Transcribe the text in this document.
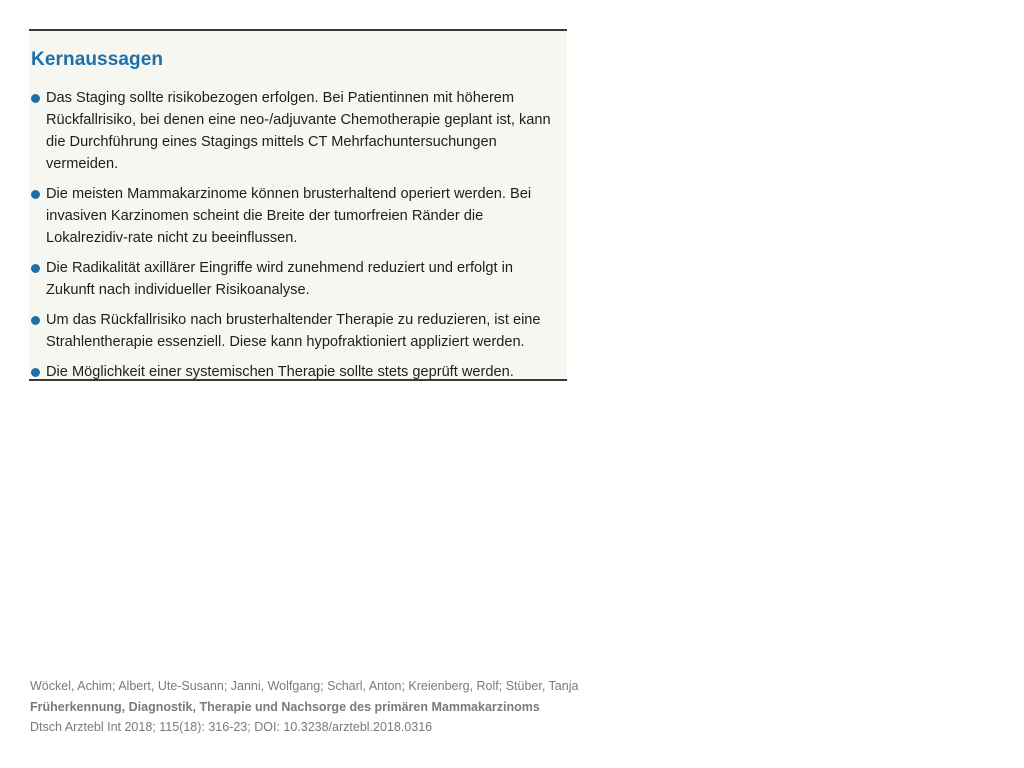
Kernaussagen
Das Staging sollte risikobezogen erfolgen. Bei Patientinnen mit höherem Rückfallrisiko, bei denen eine neo-/adjuvante Chemotherapie geplant ist, kann die Durchführung eines Stagings mittels CT Mehrfachuntersuchungen vermeiden.
Die meisten Mammakarzinome können brusterhaltend operiert werden. Bei invasiven Karzinomen scheint die Breite der tumorfreien Ränder die Lokalrezidiv-rate nicht zu beeinflussen.
Die Radikalität axillärer Eingriffe wird zunehmend reduziert und erfolgt in Zukunft nach individueller Risikoanalyse.
Um das Rückfallrisiko nach brusterhaltender Therapie zu reduzieren, ist eine Strahlentherapie essenziell. Diese kann hypofraktioniert appliziert werden.
Die Möglichkeit einer systemischen Therapie sollte stets geprüft werden.
Wöckel, Achim; Albert, Ute-Susann; Janni, Wolfgang; Scharl, Anton; Kreienberg, Rolf; Stüber, Tanja
Früherkennung, Diagnostik, Therapie und Nachsorge des primären Mammakarzinoms
Dtsch Arztebl Int 2018; 115(18): 316-23; DOI: 10.3238/arztebl.2018.0316
